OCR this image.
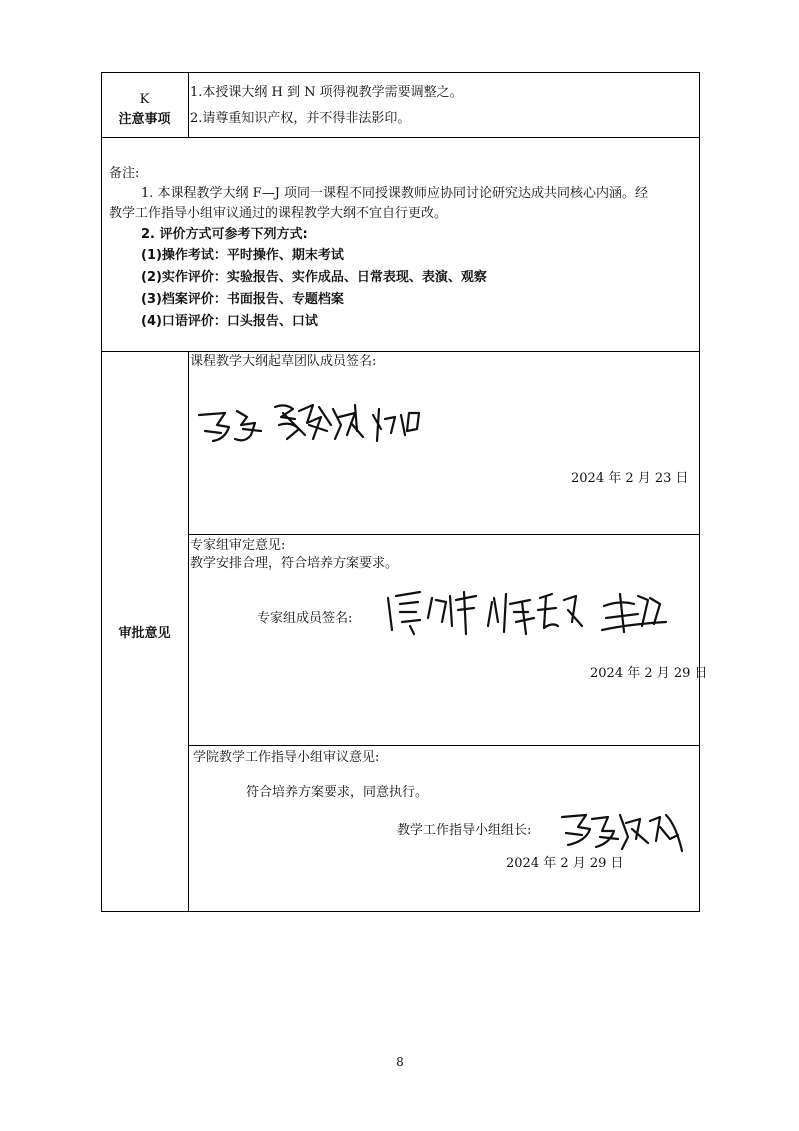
K
注意事项
1.本授课大纲 H 到 N 项得视教学需要调整之。
2.请尊重知识产权，并不得非法影印。
备注:
1. 本课程教学大纲 F—J 项同一课程不同授课教师应协同讨论研究达成共同核心内涵。经
教学工作指导小组审议通过的课程教学大纲不宜自行更改。
2. 评价方式可参考下列方式:
(1)操作考试：平时操作、期末考试
(2)实作评价：实验报告、实作成品、日常表现、表演、观察
(3)档案评价：书面报告、专题档案
(4)口语评价：口头报告、口试
审批意见
课程教学大纲起草团队成员签名:
2024 年 2 月 23 日
专家组审定意见:
教学安排合理，符合培养方案要求。
专家组成员签名:
2024 年 2 月 29 日
学院教学工作指导小组审议意见:
符合培养方案要求，同意执行。
教学工作指导小组组长:
2024 年 2 月 29 日
8
